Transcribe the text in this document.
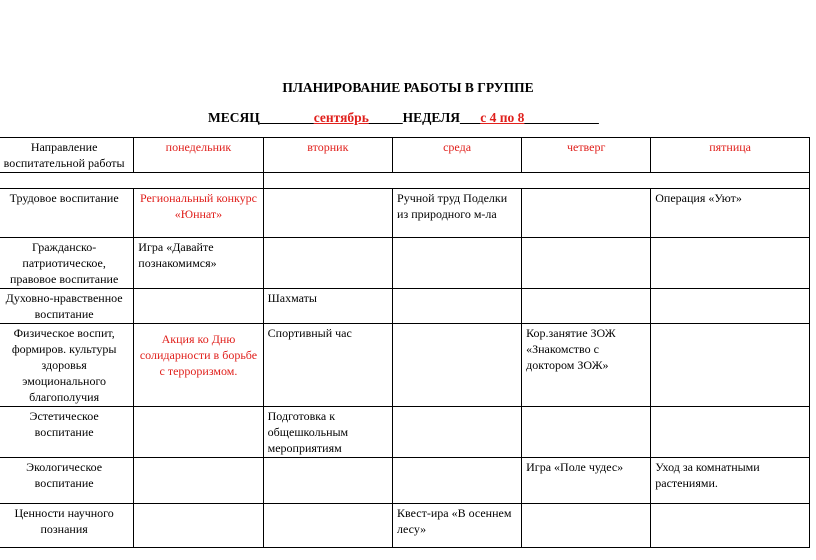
ПЛАНИРОВАНИЕ РАБОТЫ В ГРУППЕ
МЕСЯЦ________сентябрь_____НЕДЕЛЯ___с 4 по 8___________
Направление воспитательной работы	понедельник	вторник	среда	четверг	пятница

Трудовое воспитание	Региональный конкурс «Юннат»		Ручной труд Поделки из природного м-ла		Операция «Уют»
Гражданско-патриотическое, правовое воспитание	Игра «Давайте познакомимся»				
Духовно-нравственное воспитание		Шахматы			
Физическое воспит, формиров. культуры здоровья эмоционального благополучия	Акция ко Дню солидарности в борьбе с терроризмом.	Спортивный час		Кор.занятие ЗОЖ «Знакомство с доктором ЗОЖ»	
Эстетическое воспитание		Подготовка к общешкольным мероприятиям			
Экологическое воспитание				Игра «Поле чудес»	Уход за комнатными растениями.
Ценности научного познания			Квест-ира «В осеннем лесу»		
